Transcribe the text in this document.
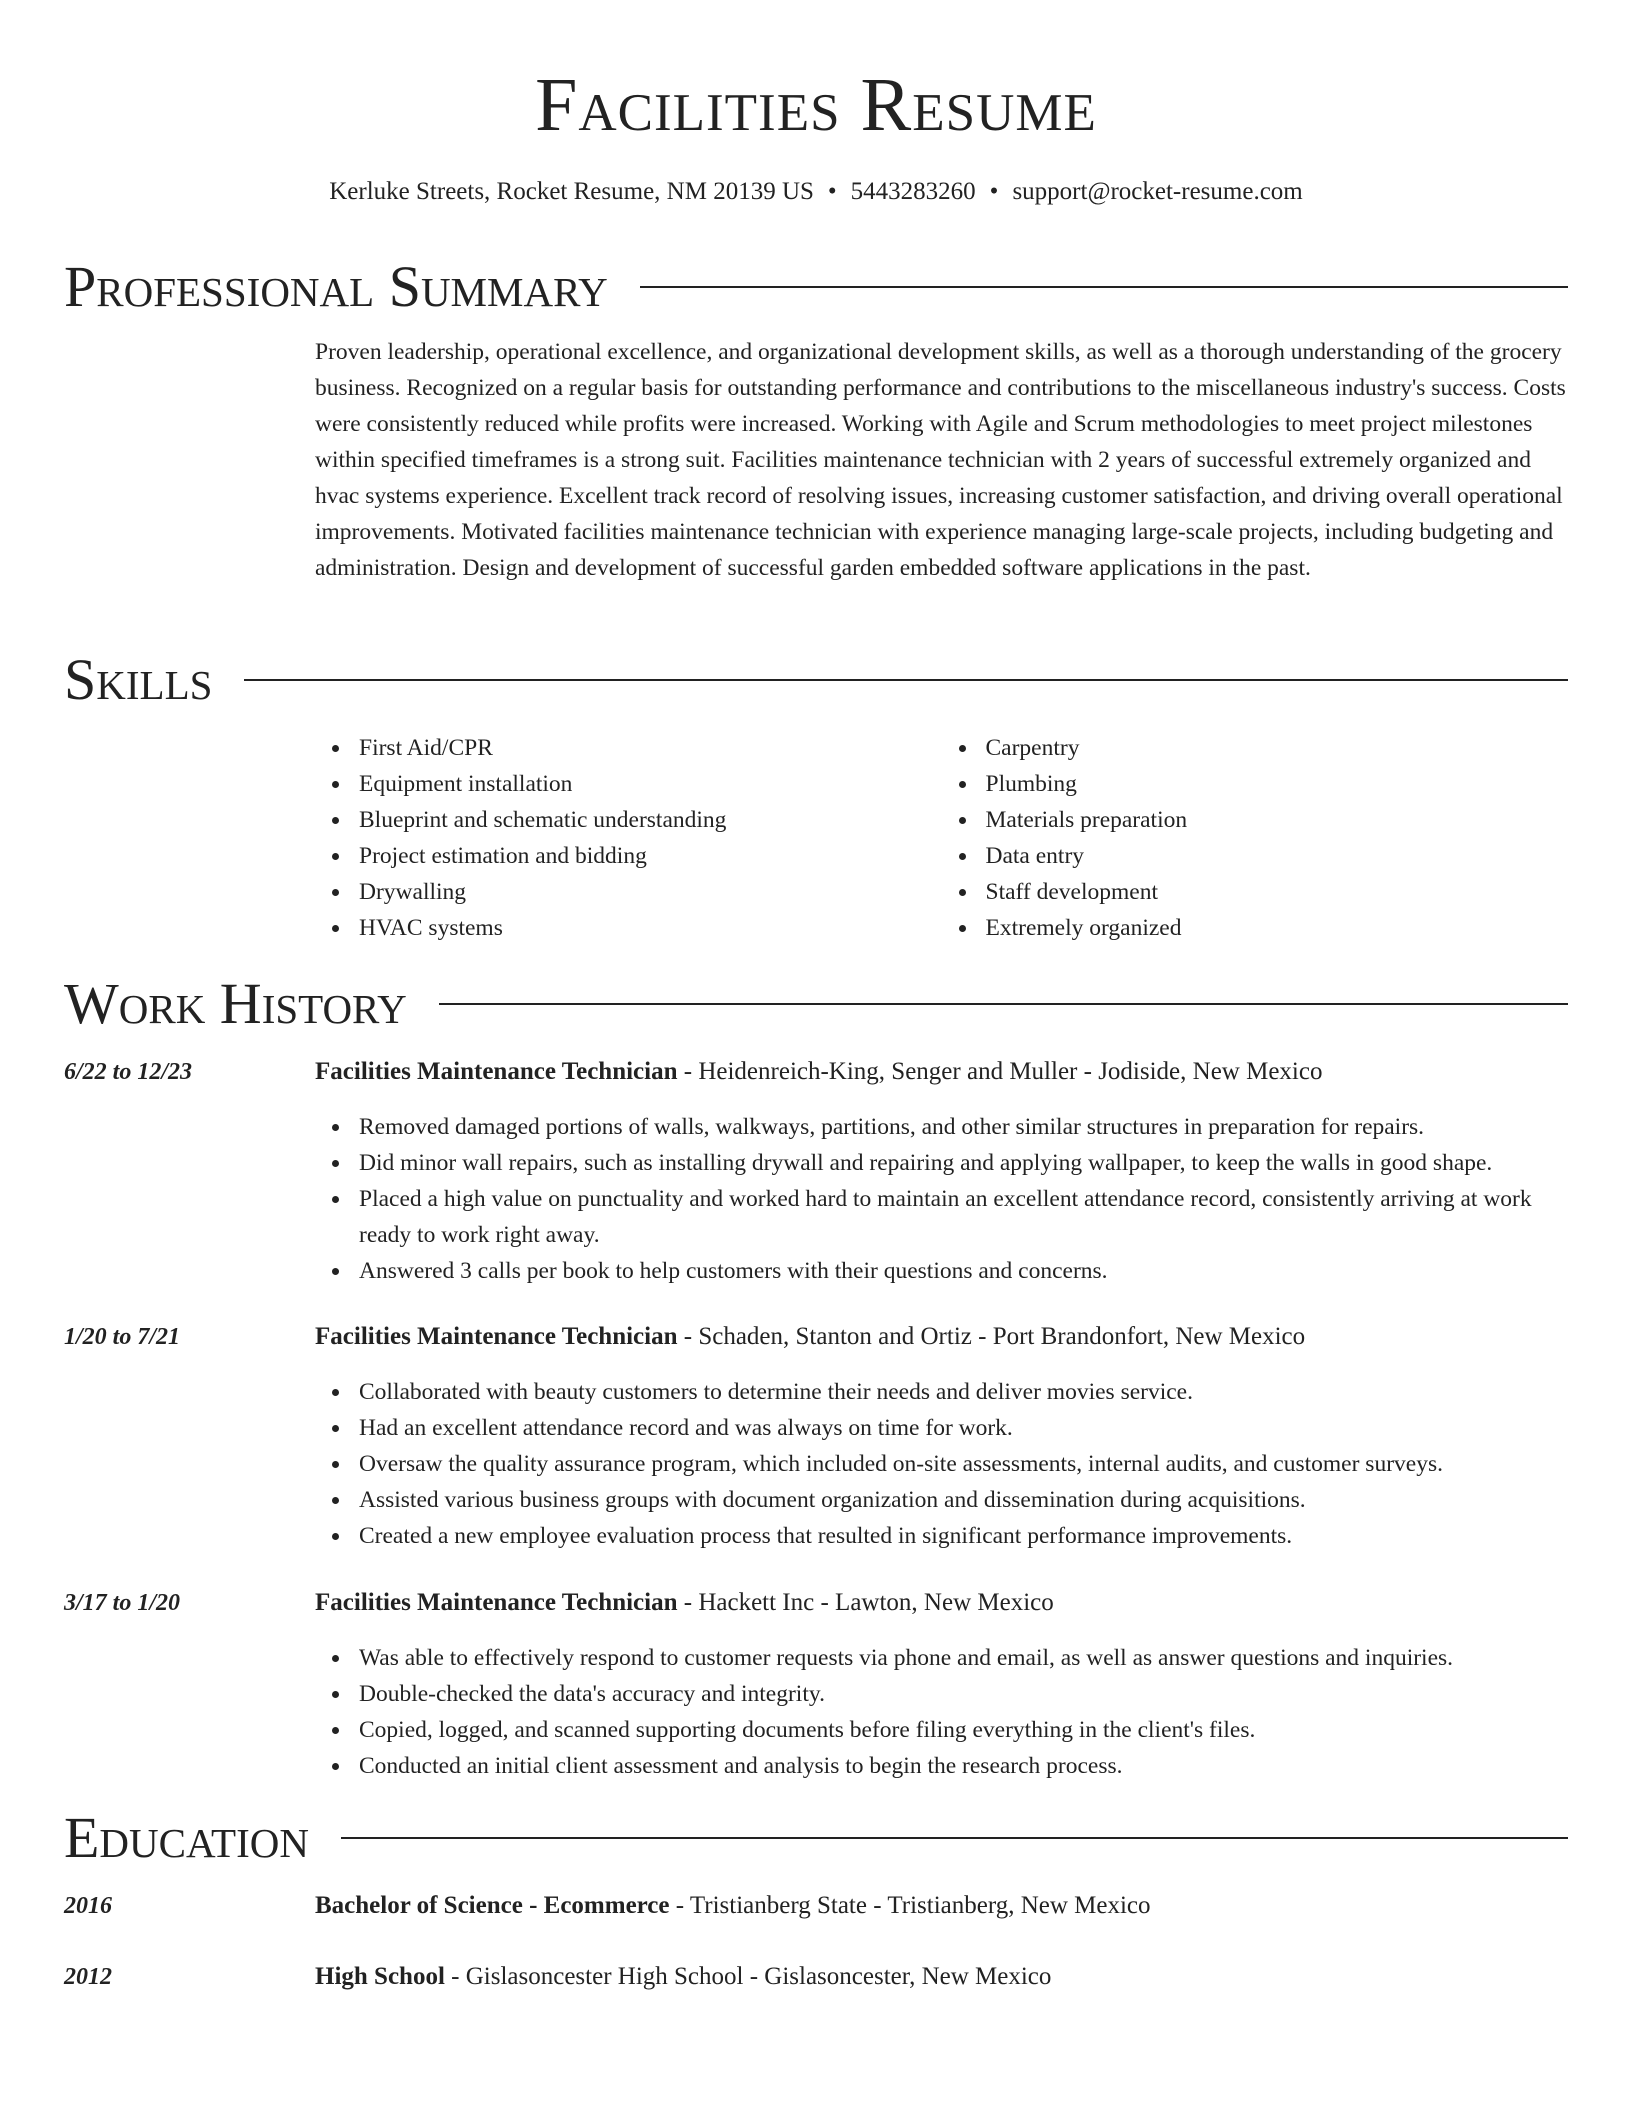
Facilities Resume
Kerluke Streets, Rocket Resume, NM 20139 US • 5443283260 • support@rocket-resume.com
Professional Summary

Proven leadership, operational excellence, and organizational development skills, as well as a thorough understanding of the grocery business. Recognized on a regular basis for outstanding performance and contributions to the miscellaneous industry's success. Costs were consistently reduced while profits were increased. Working with Agile and Scrum methodologies to meet project milestones within specified timeframes is a strong suit. Facilities maintenance technician with 2 years of successful extremely organized and hvac systems experience. Excellent track record of resolving issues, increasing customer satisfaction, and driving overall operational improvements. Motivated facilities maintenance technician with experience managing large-scale projects, including budgeting and administration. Design and development of successful garden embedded software applications in the past.

Skills
First Aid/CPR
Equipment installation
Blueprint and schematic understanding
Project estimation and bidding
Drywalling
HVAC systems
Carpentry
Plumbing
Materials preparation
Data entry
Staff development
Extremely organized
Work History
6/22 to 12/23	Facilities Maintenance Technician - Heidenreich-King, Senger and Muller - Jodiside, New Mexico
Removed damaged portions of walls, walkways, partitions, and other similar structures in preparation for repairs.
Did minor wall repairs, such as installing drywall and repairing and applying wallpaper, to keep the walls in good shape.
Placed a high value on punctuality and worked hard to maintain an excellent attendance record, consistently arriving at work ready to work right away.
Answered 3 calls per book to help customers with their questions and concerns.
1/20 to 7/21	Facilities Maintenance Technician - Schaden, Stanton and Ortiz - Port Brandonfort, New Mexico
Collaborated with beauty customers to determine their needs and deliver movies service.
Had an excellent attendance record and was always on time for work.
Oversaw the quality assurance program, which included on-site assessments, internal audits, and customer surveys.
Assisted various business groups with document organization and dissemination during acquisitions.
Created a new employee evaluation process that resulted in significant performance improvements.
3/17 to 1/20	Facilities Maintenance Technician - Hackett Inc - Lawton, New Mexico
Was able to effectively respond to customer requests via phone and email, as well as answer questions and inquiries.
Double-checked the data's accuracy and integrity.
Copied, logged, and scanned supporting documents before filing everything in the client's files.
Conducted an initial client assessment and analysis to begin the research process.
Education
2016	Bachelor of Science - Ecommerce - Tristianberg State - Tristianberg, New Mexico
2012	High School - Gislasoncester High School - Gislasoncester, New Mexico
